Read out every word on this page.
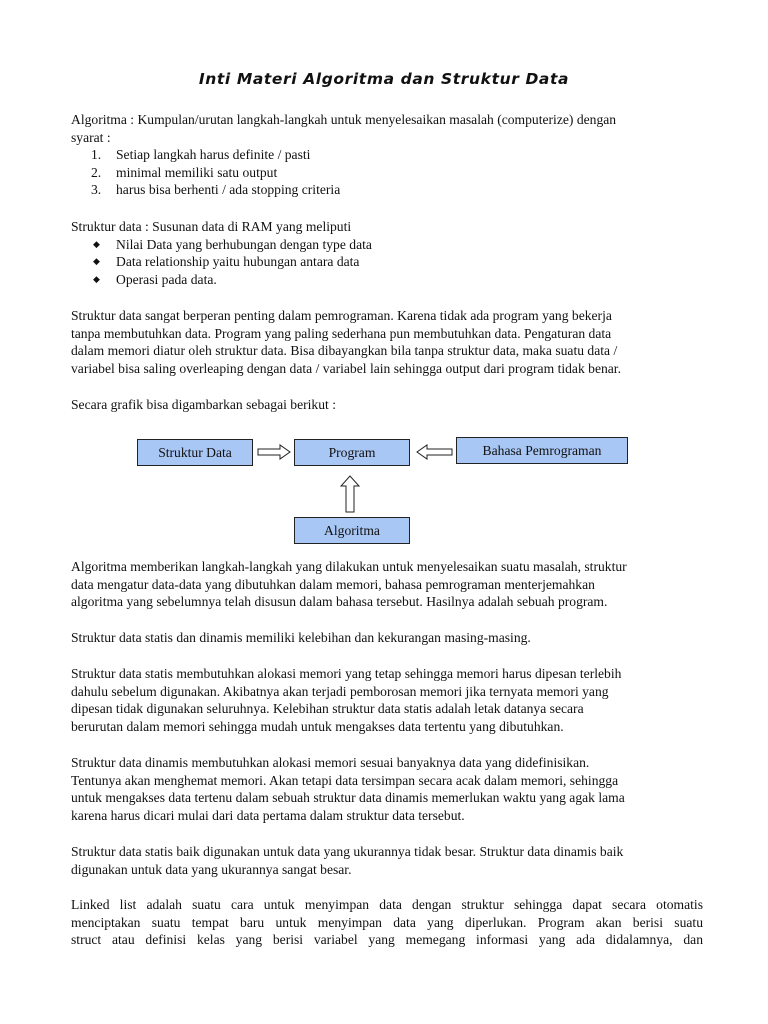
Inti Materi Algoritma dan Struktur Data
Algoritma : Kumpulan/urutan langkah-langkah untuk menyelesaikan masalah (computerize) dengan
syarat :
1.	Setiap langkah harus definite / pasti
2.	minimal memiliki satu output
3.	harus bisa berhenti / ada stopping criteria
Struktur data : Susunan data di RAM yang meliputi
◆ Nilai Data yang berhubungan dengan type data
◆ Data relationship yaitu hubungan antara data
◆ Operasi pada data.
Struktur data sangat berperan penting dalam pemrograman. Karena tidak ada program yang bekerja
tanpa membutuhkan data. Program yang paling sederhana pun membutuhkan data. Pengaturan data
dalam memori diatur oleh struktur data. Bisa dibayangkan bila tanpa struktur data, maka suatu data /
variabel bisa saling overleaping dengan data / variabel lain sehingga output dari program tidak benar.
Secara grafik bisa digambarkan sebagai berikut :
Struktur Data	Program	Bahasa Pemrograman
Algoritma
Algoritma memberikan langkah-langkah yang dilakukan untuk menyelesaikan suatu masalah, struktur
data mengatur data-data yang dibutuhkan dalam memori, bahasa pemrograman menterjemahkan
algoritma yang sebelumnya telah disusun dalam bahasa tersebut. Hasilnya adalah sebuah program.
Struktur data statis dan dinamis memiliki kelebihan dan kekurangan masing-masing.
Struktur data statis membutuhkan alokasi memori yang tetap sehingga memori harus dipesan terlebih
dahulu sebelum digunakan. Akibatnya akan terjadi pemborosan memori jika ternyata memori yang
dipesan tidak digunakan seluruhnya. Kelebihan struktur data statis adalah letak datanya secara
berurutan dalam memori sehingga mudah untuk mengakses data tertentu yang dibutuhkan.
Struktur data dinamis membutuhkan alokasi memori sesuai banyaknya data yang didefinisikan.
Tentunya akan menghemat memori. Akan tetapi data tersimpan secara acak dalam memori, sehingga
untuk mengakses data tertenu dalam sebuah struktur data dinamis memerlukan waktu yang agak lama
karena harus dicari mulai dari data pertama dalam struktur data tersebut.
Struktur data statis baik digunakan untuk data yang ukurannya tidak besar. Struktur data dinamis baik
digunakan untuk data yang ukurannya sangat besar.
Linked list adalah suatu cara untuk menyimpan data dengan struktur sehingga dapat secara otomatis
menciptakan suatu tempat baru untuk menyimpan data yang diperlukan. Program akan berisi suatu
struct atau definisi kelas yang berisi variabel yang memegang informasi yang ada didalamnya, dan
